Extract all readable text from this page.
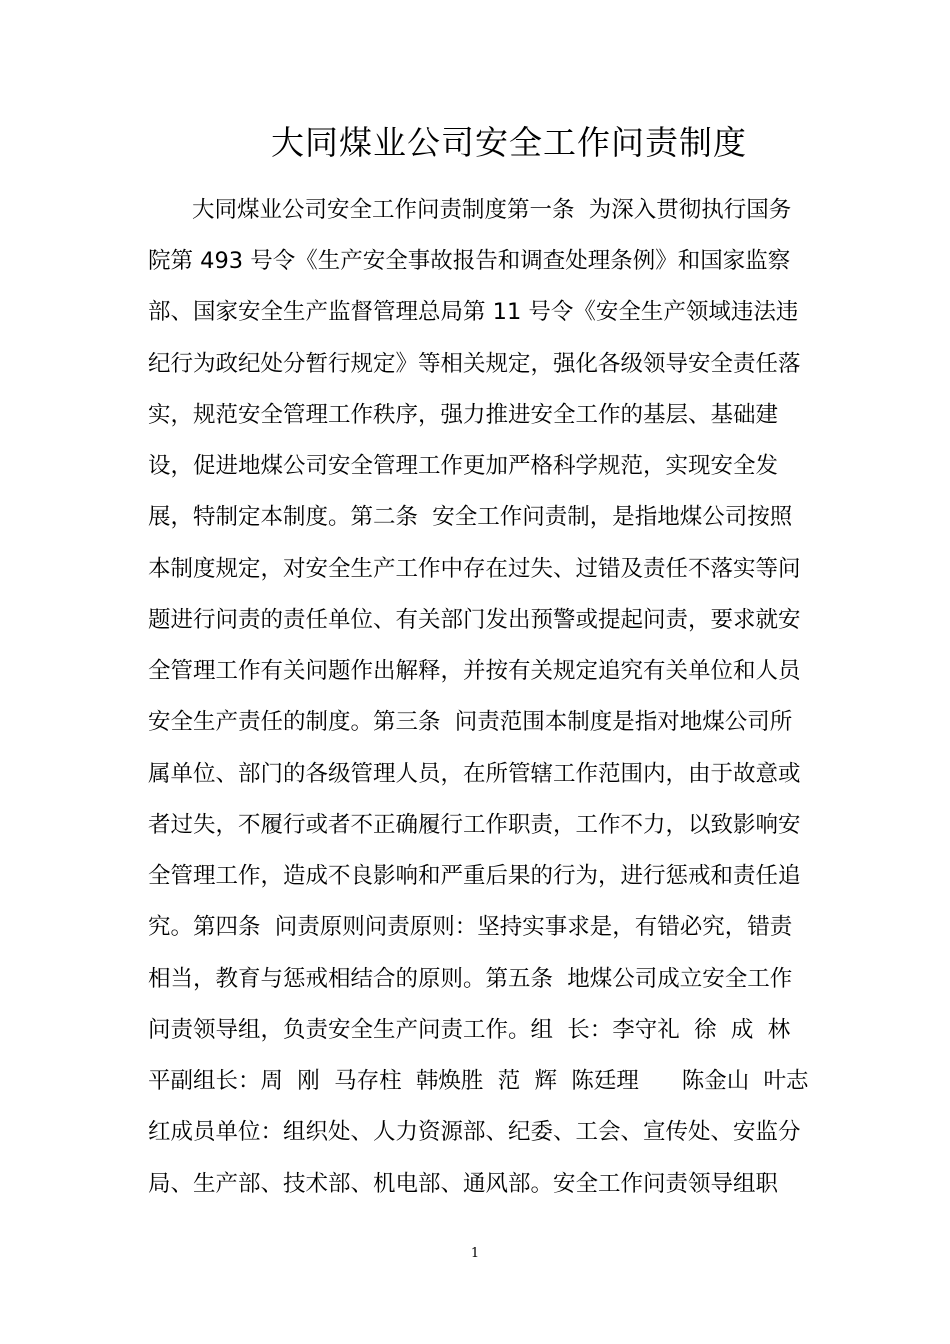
大同煤业公司安全工作问责制度
大同煤业公司安全工作问责制度第一条  为深入贯彻执行国务
院第 493 号令《生产安全事故报告和调查处理条例》和国家监察
部、国家安全生产监督管理总局第 11 号令《安全生产领域违法违
纪行为政纪处分暂行规定》等相关规定，强化各级领导安全责任落
实，规范安全管理工作秩序，强力推进安全工作的基层、基础建
设，促进地煤公司安全管理工作更加严格科学规范，实现安全发
展，特制定本制度。第二条  安全工作问责制，是指地煤公司按照
本制度规定，对安全生产工作中存在过失、过错及责任不落实等问
题进行问责的责任单位、有关部门发出预警或提起问责，要求就安
全管理工作有关问题作出解释，并按有关规定追究有关单位和人员
安全生产责任的制度。第三条  问责范围本制度是指对地煤公司所
属单位、部门的各级管理人员，在所管辖工作范围内，由于故意或
者过失，不履行或者不正确履行工作职责，工作不力，以致影响安
全管理工作，造成不良影响和严重后果的行为，进行惩戒和责任追
究。第四条  问责原则问责原则：坚持实事求是，有错必究，错责
相当，教育与惩戒相结合的原则。第五条  地煤公司成立安全工作
问责领导组，负责安全生产问责工作。组  长：李守礼  徐  成  林
平副组长：周  刚  马存柱  韩焕胜  范  辉  陈廷理      陈金山  叶志
红成员单位：组织处、人力资源部、纪委、工会、宣传处、安监分
局、生产部、技术部、机电部、通风部。安全工作问责领导组职
1
